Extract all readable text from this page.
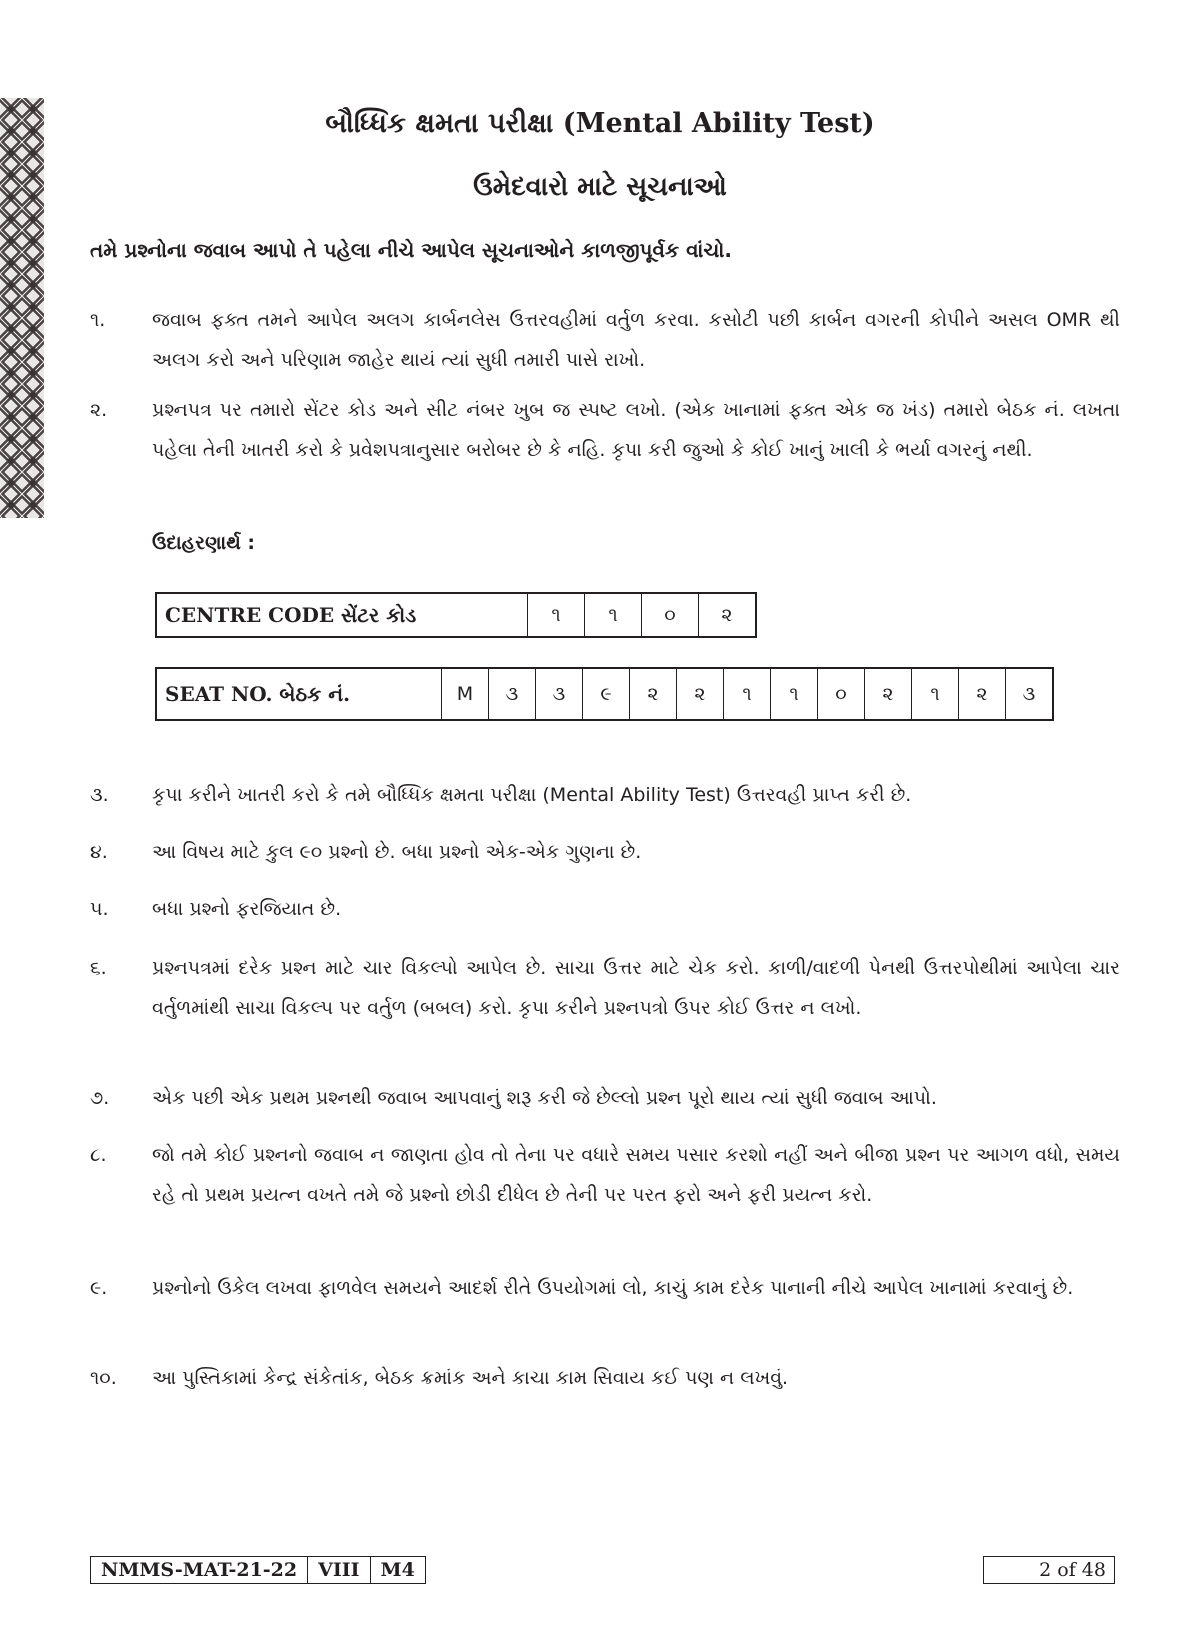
બૌધ્ધિક ક્ષમતા પરીક્ષા (Mental Ability Test)
ઉમેદવારો માટે સૂચનાઓ
તમે પ્રશ્નોના જવાબ આપો તે પહેલા નીચે આપેલ સૂચનાઓને કાળજીપૂર્વક વાંચો.
૧.	જવાબ ફક્ત તમને આપેલ અલગ કાર્બનલેસ ઉત્તરવહીમાં વર્તુળ કરવા. કસોટી પછી કાર્બન વગરની કોપીને અસલ OMR થી અલગ કરો અને પરિણામ જાહેર થાયં ત્યાં સુધી તમારી પાસે રાખો.
૨.	પ્રશ્નપત્ર પર તમારો સેંટર કોડ અને સીટ નંબર ખુબ જ સ્પષ્ટ લખો. (એક ખાનામાં ફક્ત એક જ ખંડ) તમારો બેઠક નં. લખતા પહેલા તેની ખાતરી કરો કે પ્રવેશપત્રાનુસાર બરોબર છે કે નહિ. કૃપા કરી જુઓ કે કોઈ ખાનું ખાલી કે ભર્યા વગરનું નથી.
ઉદાહરણાર્થ :
CENTRE CODE સેંટર કોડ	૧	૧	૦	૨
SEAT NO. બેઠક નં.	M	૩	૩	૯	૨	૨	૧	૧	૦	૨	૧	૨	૩
૩.	કૃપા કરીને ખાતરી કરો કે તમે બૌધ્ધિક ક્ષમતા પરીક્ષા (Mental Ability Test) ઉત્તરવહી પ્રાપ્ત કરી છે.
૪.	આ વિષય માટે કુલ ૯૦ પ્રશ્નો છે. બધા પ્રશ્નો એક-એક ગુણના છે.
૫.	બધા પ્રશ્નો ફરજિયાત છે.
૬.	પ્રશ્નપત્રમાં દરેક પ્રશ્ન માટે ચાર વિકલ્પો આપેલ છે. સાચા ઉત્તર માટે ચેક કરો. કાળી/વાદળી પેનથી ઉત્તરપોથીમાં આપેલા ચાર વર્તુળમાંથી સાચા વિકલ્પ પર વર્તુળ (બબલ) કરો. કૃપા કરીને પ્રશ્નપત્રો ઉપર કોઈ ઉત્તર ન લખો.
૭.	એક પછી એક પ્રથમ પ્રશ્નથી જવાબ આપવાનું શરૂ કરી જે છેલ્લો પ્રશ્ન પૂરો થાય ત્યાં સુધી જવાબ આપો.
૮.	જો તમે કોઈ પ્રશ્નનો જવાબ ન જાણતા હોવ તો તેના પર વધારે સમય પસાર કરશો નહીં અને બીજા પ્રશ્ન પર આગળ વધો, સમય રહે તો પ્રથમ પ્રયત્ન વખતે તમે જે પ્રશ્નો છોડી દીધેલ છે તેની પર પરત ફરો અને ફરી પ્રયત્ન કરો.
૯.	પ્રશ્નોનો ઉકેલ લખવા ફાળવેલ સમયને આદર્શ રીતે ઉપયોગમાં લો, કાચું કામ દરેક પાનાની નીચે આપેલ ખાનામાં કરવાનું છે.
૧૦.	આ પુસ્તિકામાં કેન્દ્ર સંકેતાંક, બેઠક ક્રમાંક અને કાચા કામ સિવાય કઈ પણ ન લખવું.
NMMS-MAT-21-22	VIII	M4	2 of 48
